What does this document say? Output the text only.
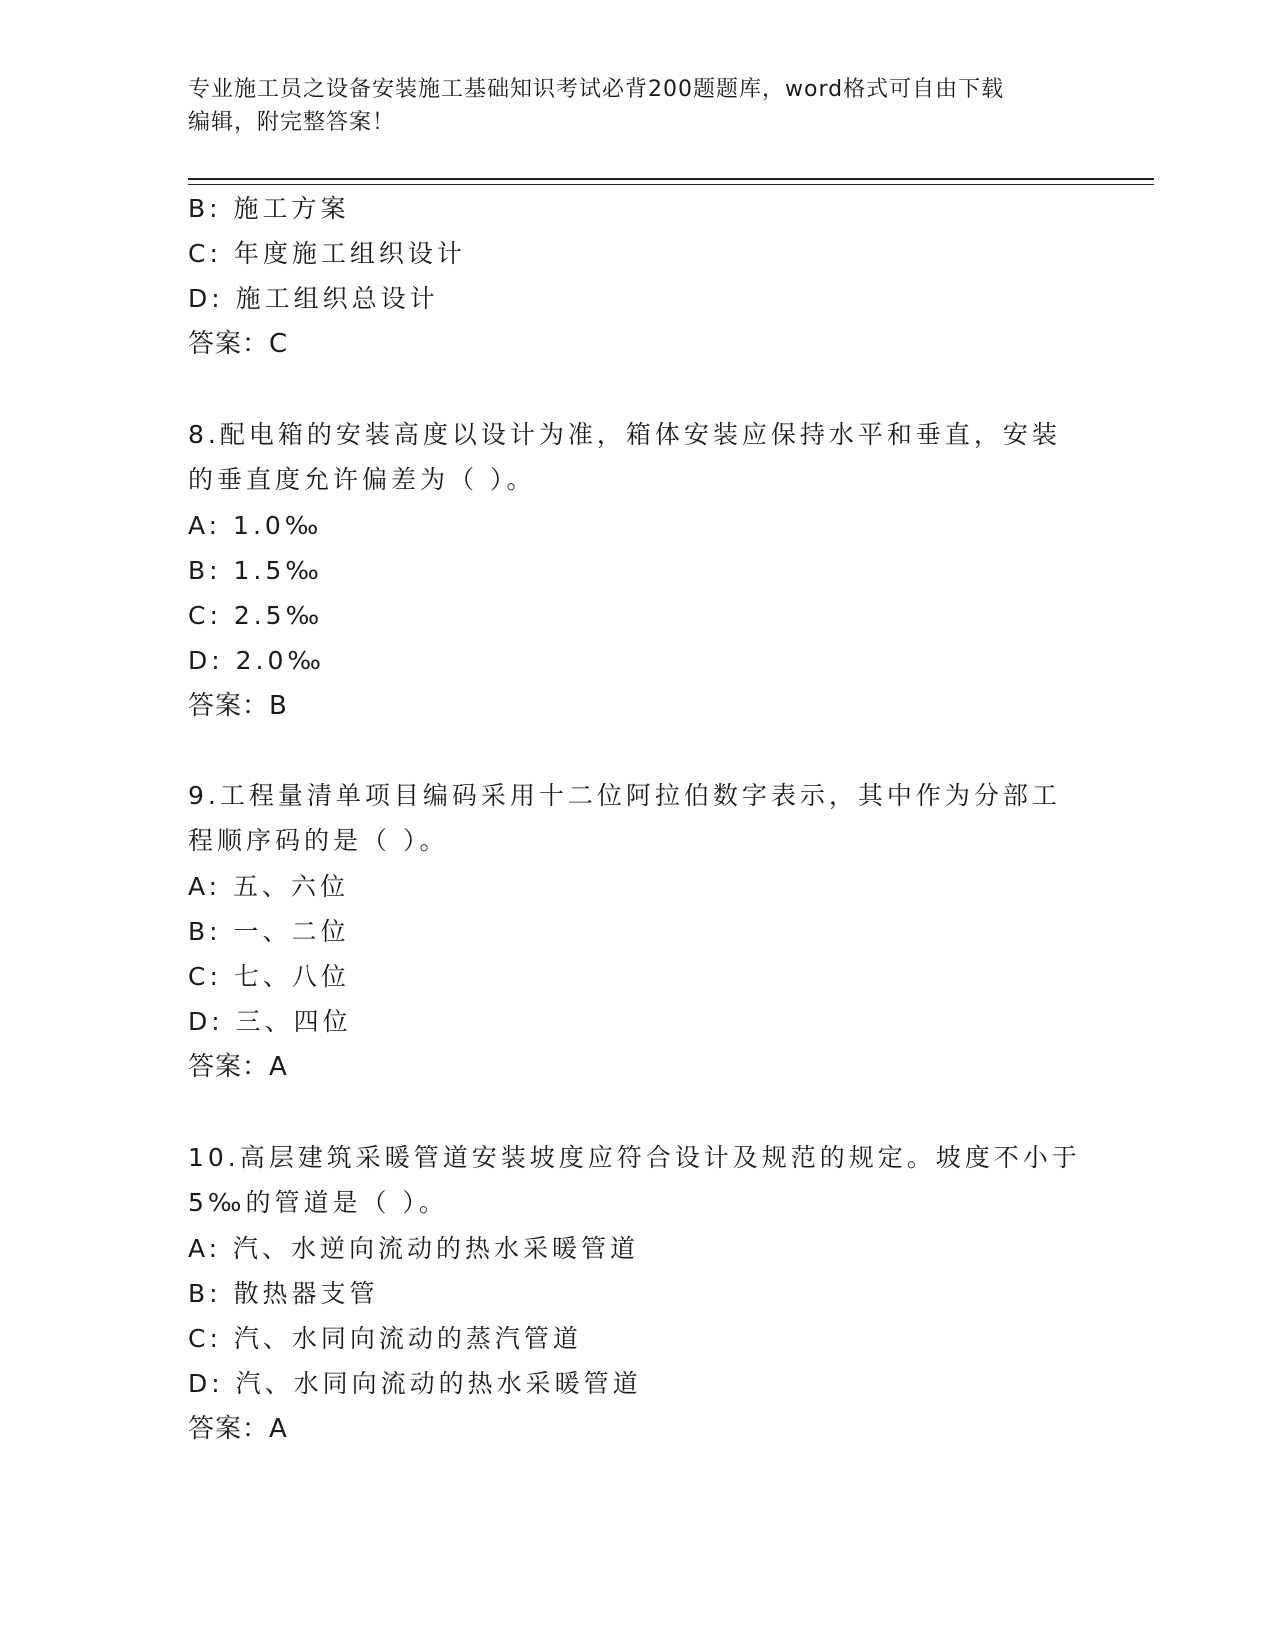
专业施工员之设备安装施工基础知识考试必背200题题库，word格式可自由下载
编辑，附完整答案！
B: 施工方案
C: 年度施工组织设计
D: 施工组织总设计
答案：C
8.配电箱的安装高度以设计为准，箱体安装应保持水平和垂直，安装
的垂直度允许偏差为（ ）。
A: 1.0‰
B: 1.5‰
C: 2.5‰
D: 2.0‰
答案：B
9.工程量清单项目编码采用十二位阿拉伯数字表示，其中作为分部工
程顺序码的是（ ）。
A: 五、六位
B: 一、二位
C: 七、八位
D: 三、四位
答案：A
10.高层建筑采暖管道安装坡度应符合设计及规范的规定。坡度不小于
5‰的管道是（ ）。
A: 汽、水逆向流动的热水采暖管道
B: 散热器支管
C: 汽、水同向流动的蒸汽管道
D: 汽、水同向流动的热水采暖管道
答案：A
